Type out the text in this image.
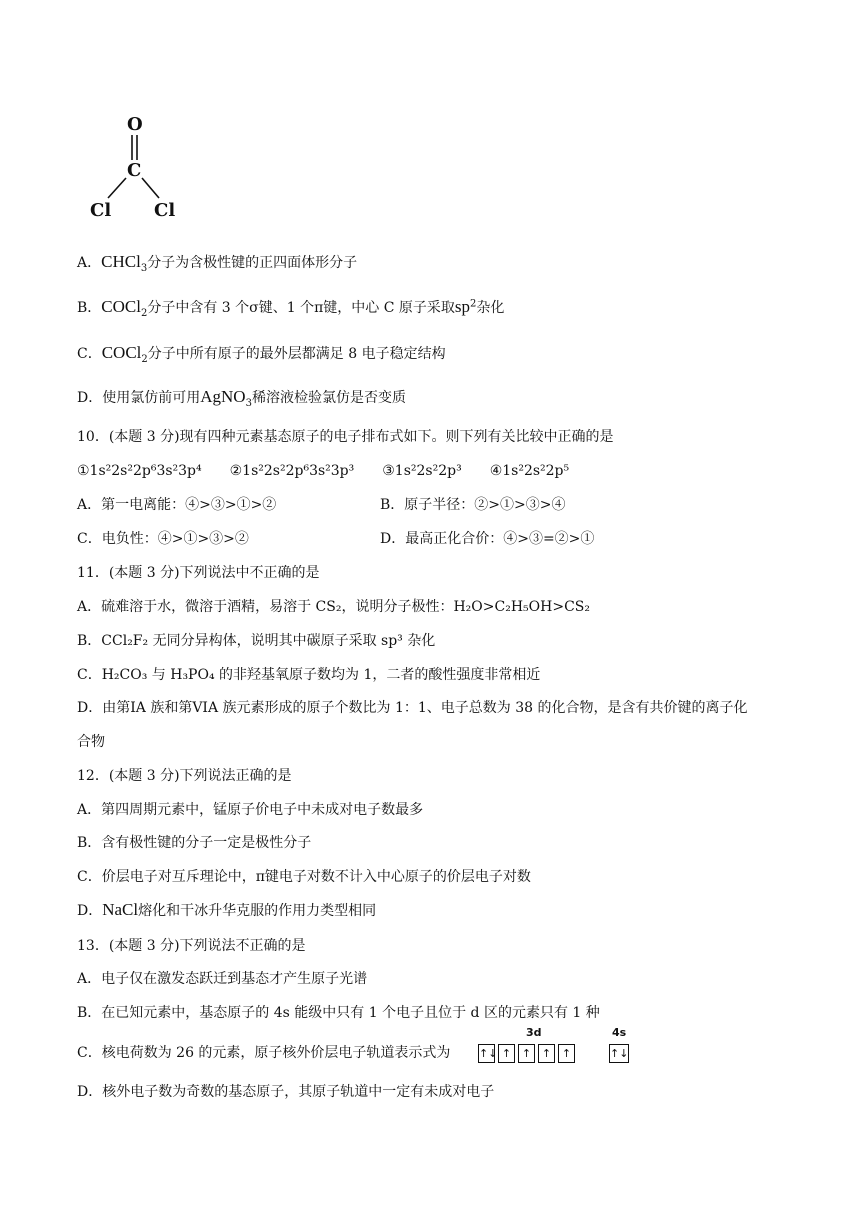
O
C
Cl Cl
A．CHCl$_3$分子为含极性键的正四面体形分子
B．COCl$_2$分子中含有 3 个σ键、1 个π键，中心 C 原子采取$sp^2$杂化
C．COCl$_2$分子中所有原子的最外层都满足 8 电子稳定结构
D．使用氯仿前可用AgNO$_3$稀溶液检验氯仿是否变质
10．(本题 3 分)现有四种元素基态原子的电子排布式如下。则下列有关比较中正确的是
①1s²2s²2p⁶3s²3p⁴　　②1s²2s²2p⁶3s²3p³　　③1s²2s²2p³　　④1s²2s²2p⁵
A．第一电离能：④>③>①>②	B．原子半径：②>①>③>④
C．电负性：④>①>③>②	D．最高正化合价：④>③=②>①
11．(本题 3 分)下列说法中不正确的是
A．硫难溶于水，微溶于酒精，易溶于 CS₂，说明分子极性：H₂O>C₂H₅OH>CS₂
B．CCl₂F₂ 无同分异构体，说明其中碳原子采取 sp³ 杂化
C．H₂CO₃ 与 H₃PO₄ 的非羟基氧原子数均为 1，二者的酸性强度非常相近
D．由第IA 族和第VIA 族元素形成的原子个数比为 1：1、电子总数为 38 的化合物，是含有共价键的离子化
合物
12．(本题 3 分)下列说法正确的是
A．第四周期元素中，锰原子价电子中未成对电子数最多
B．含有极性键的分子一定是极性分子
C．价层电子对互斥理论中，π键电子对数不计入中心原子的价层电子对数
D．NaCl熔化和干冰升华克服的作用力类型相同
13．(本题 3 分)下列说法不正确的是
A．电子仅在激发态跃迁到基态才产生原子光谱
B．在已知元素中，基态原子的 4s 能级中只有 1 个电子且位于 d 区的元素只有 1 种
C．核电荷数为 26 的元素，原子核外价层电子轨道表示式为
D．核外电子数为奇数的基态原子，其原子轨道中一定有未成对电子
3d	4s
↑↓ ↑ ↑ ↑ ↑	↑↓
